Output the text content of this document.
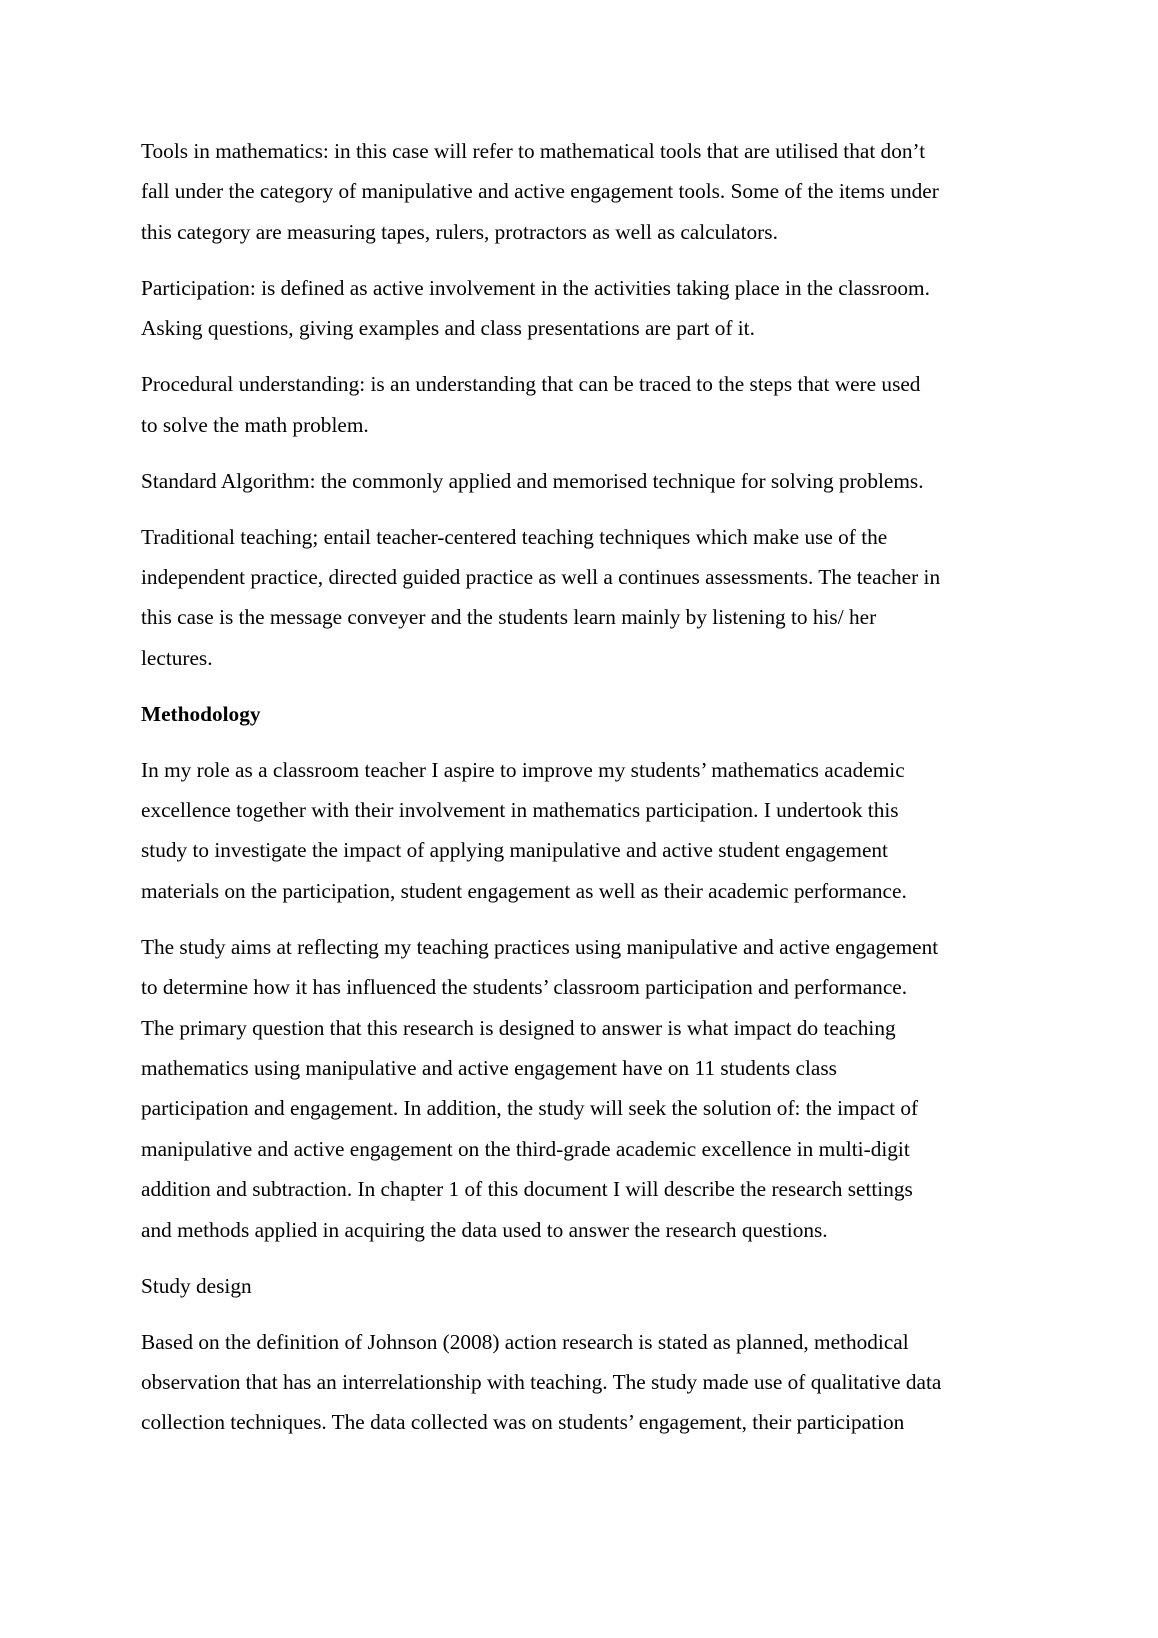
Tools in mathematics: in this case will refer to mathematical tools that are utilised that don’t
fall under the category of manipulative and active engagement tools. Some of the items under
this category are measuring tapes, rulers, protractors as well as calculators.

Participation: is defined as active involvement in the activities taking place in the classroom.
Asking questions, giving examples and class presentations are part of it.

Procedural understanding: is an understanding that can be traced to the steps that were used
to solve the math problem.

Standard Algorithm: the commonly applied and memorised technique for solving problems.

Traditional teaching; entail teacher-centered teaching techniques which make use of the
independent practice, directed guided practice as well a continues assessments. The teacher in
this case is the message conveyer and the students learn mainly by listening to his/ her
lectures.

Methodology

In my role as a classroom teacher I aspire to improve my students’ mathematics academic
excellence together with their involvement in mathematics participation. I undertook this
study to investigate the impact of applying manipulative and active student engagement
materials on the participation, student engagement as well as their academic performance.

The study aims at reflecting my teaching practices using manipulative and active engagement
to determine how it has influenced the students’ classroom participation and performance.
The primary question that this research is designed to answer is what impact do teaching
mathematics using manipulative and active engagement have on 11 students class
participation and engagement. In addition, the study will seek the solution of: the impact of
manipulative and active engagement on the third-grade academic excellence in multi-digit
addition and subtraction. In chapter 1 of this document I will describe the research settings
and methods applied in acquiring the data used to answer the research questions.

Study design

Based on the definition of Johnson (2008) action research is stated as planned, methodical
observation that has an interrelationship with teaching. The study made use of qualitative data
collection techniques. The data collected was on students’ engagement, their participation
